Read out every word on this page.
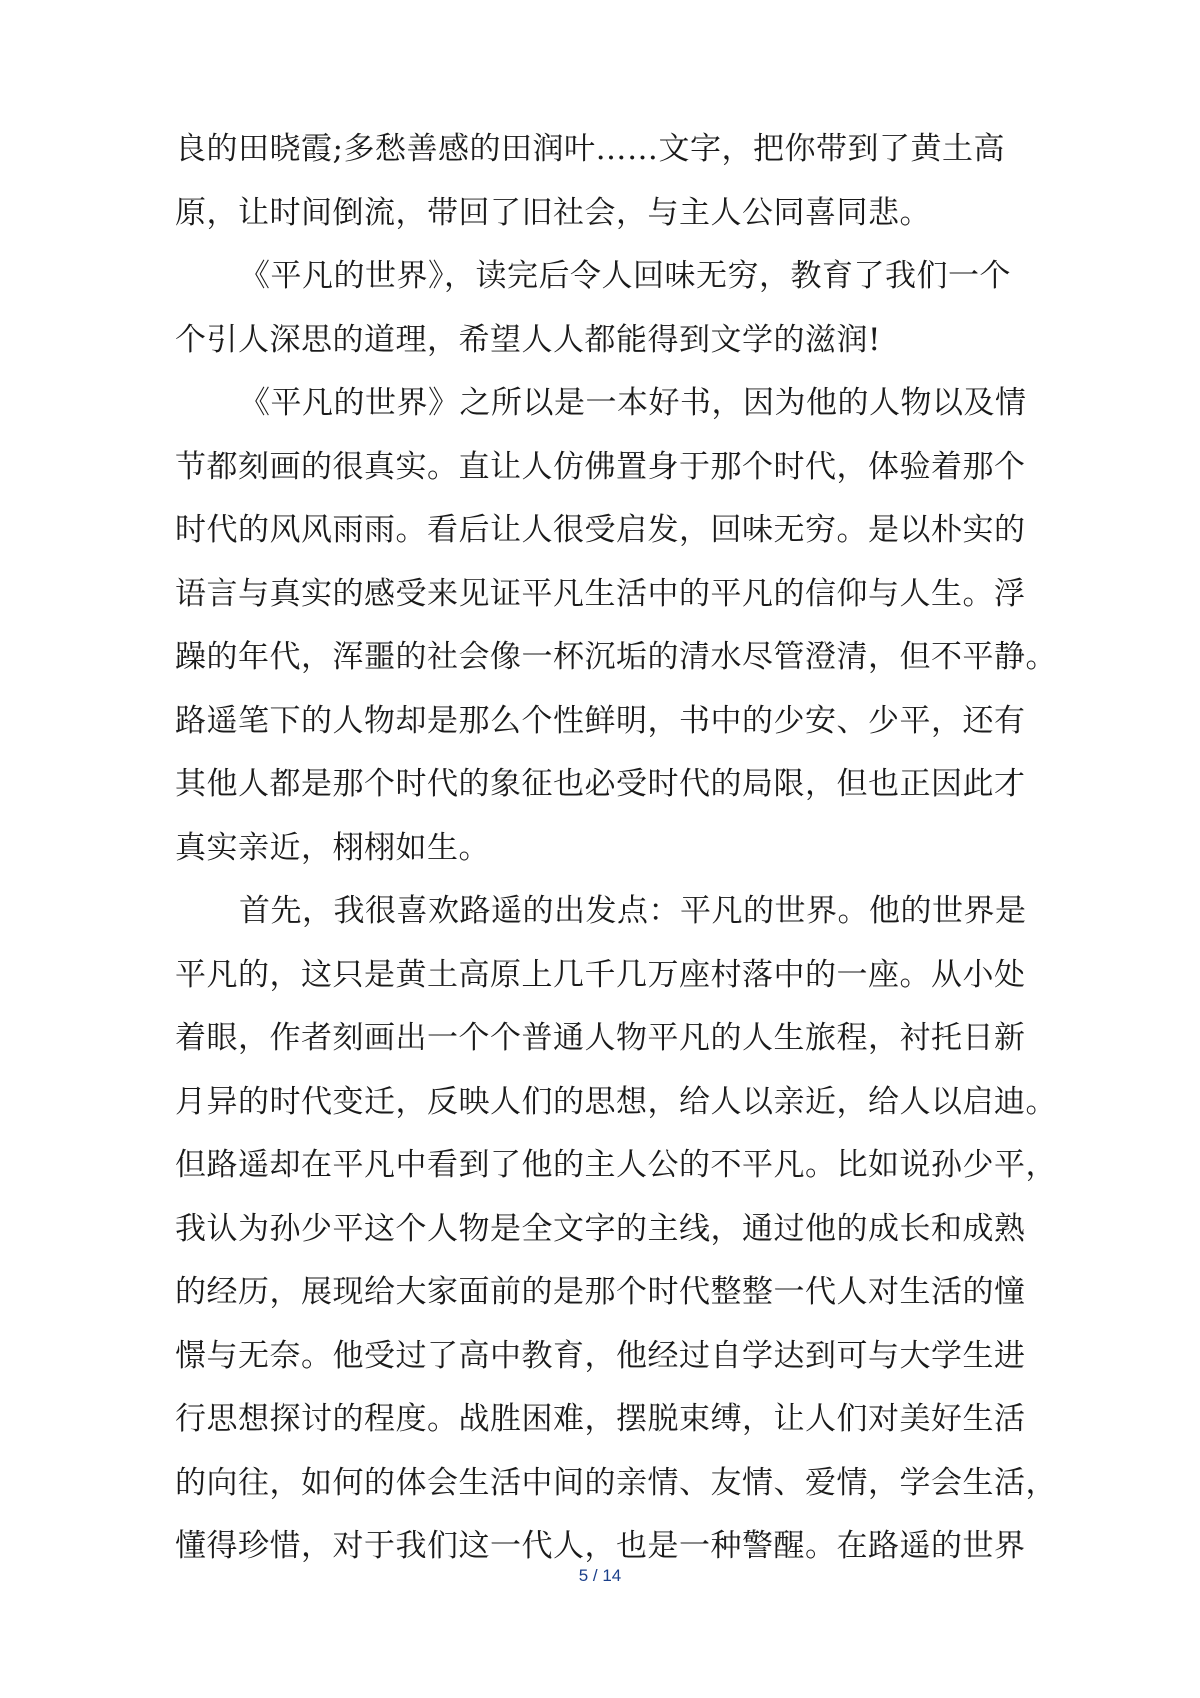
良的田晓霞;多愁善感的田润叶……文字，把你带到了黄土高
原，让时间倒流，带回了旧社会，与主人公同喜同悲。
《平凡的世界》，读完后令人回味无穷，教育了我们一个
个引人深思的道理，希望人人都能得到文学的滋润!
《平凡的世界》之所以是一本好书，因为他的人物以及情
节都刻画的很真实。直让人仿佛置身于那个时代，体验着那个
时代的风风雨雨。看后让人很受启发，回味无穷。是以朴实的
语言与真实的感受来见证平凡生活中的平凡的信仰与人生。浮
躁的年代，浑噩的社会像一杯沉垢的清水尽管澄清，但不平静。
路遥笔下的人物却是那么个性鲜明，书中的少安、少平，还有
其他人都是那个时代的象征也必受时代的局限，但也正因此才
真实亲近，栩栩如生。
首先，我很喜欢路遥的出发点：平凡的世界。他的世界是
平凡的，这只是黄土高原上几千几万座村落中的一座。从小处
着眼，作者刻画出一个个普通人物平凡的人生旅程，衬托日新
月异的时代变迁，反映人们的思想，给人以亲近，给人以启迪。
但路遥却在平凡中看到了他的主人公的不平凡。比如说孙少平，
我认为孙少平这个人物是全文字的主线，通过他的成长和成熟
的经历，展现给大家面前的是那个时代整整一代人对生活的憧
憬与无奈。他受过了高中教育，他经过自学达到可与大学生进
行思想探讨的程度。战胜困难，摆脱束缚，让人们对美好生活
的向往，如何的体会生活中间的亲情、友情、爱情，学会生活，
懂得珍惜，对于我们这一代人，也是一种警醒。在路遥的世界
5 / 14
